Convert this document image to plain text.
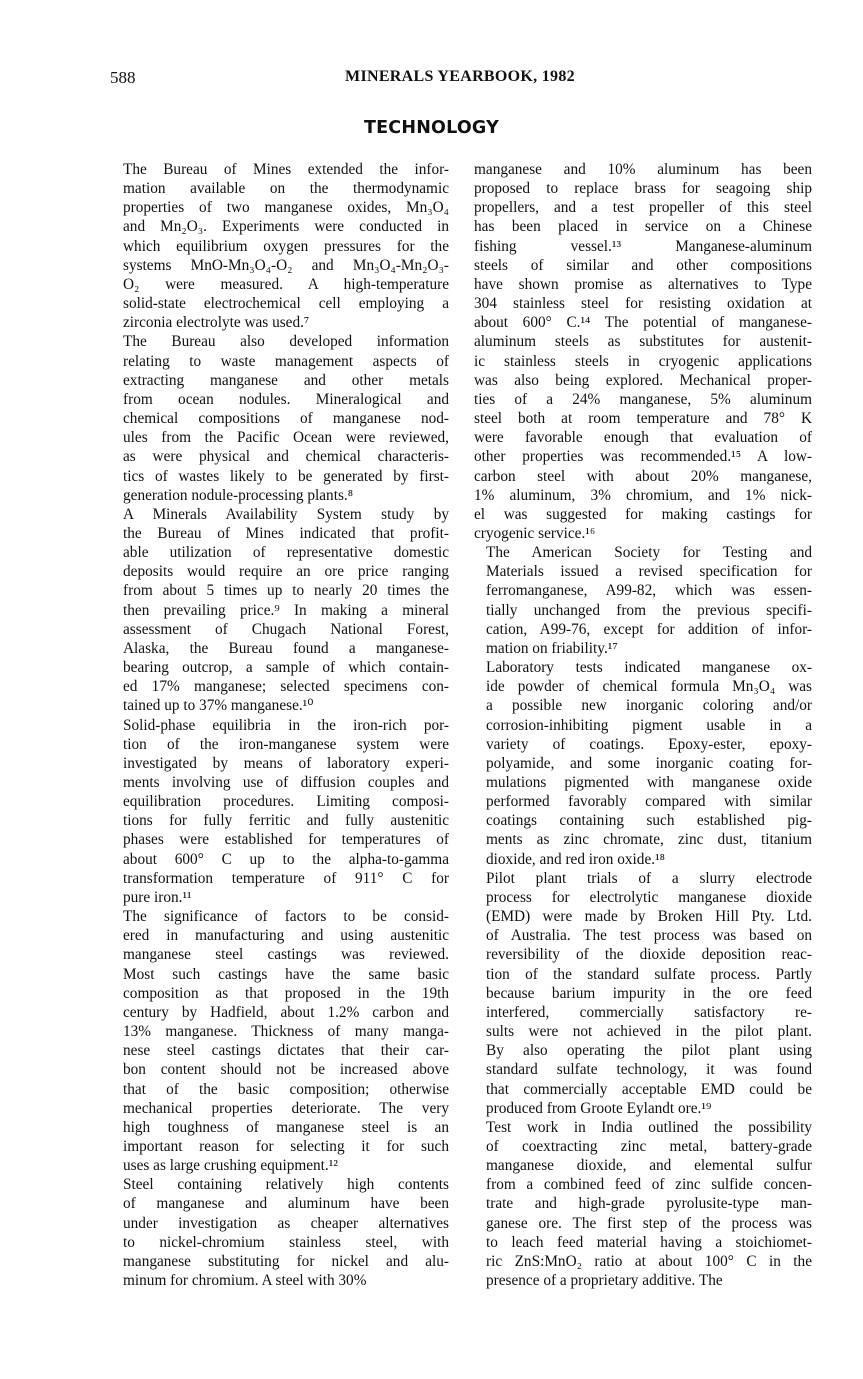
588	MINERALS YEARBOOK, 1982
TECHNOLOGY

The Bureau of Mines extended the infor-
mation available on the thermodynamic
properties of two manganese oxides, Mn₃O₄
and Mn₂O₃. Experiments were conducted in
which equilibrium oxygen pressures for the
systems MnO-Mn₃O₄-O₂ and Mn₃O₄-Mn₂O₃-
O₂ were measured. A high-temperature
solid-state electrochemical cell employing a
zirconia electrolyte was used.⁷

The Bureau also developed information
relating to waste management aspects of
extracting manganese and other metals
from ocean nodules. Mineralogical and
chemical compositions of manganese nod-
ules from the Pacific Ocean were reviewed,
as were physical and chemical characteris-
tics of wastes likely to be generated by first-
generation nodule-processing plants.⁸

A Minerals Availability System study by
the Bureau of Mines indicated that profit-
able utilization of representative domestic
deposits would require an ore price ranging
from about 5 times up to nearly 20 times the
then prevailing price.⁹ In making a mineral
assessment of Chugach National Forest,
Alaska, the Bureau found a manganese-
bearing outcrop, a sample of which contain-
ed 17% manganese; selected specimens con-
tained up to 37% manganese.¹⁰

Solid-phase equilibria in the iron-rich por-
tion of the iron-manganese system were
investigated by means of laboratory experi-
ments involving use of diffusion couples and
equilibration procedures. Limiting composi-
tions for fully ferritic and fully austenitic
phases were established for temperatures of
about 600° C up to the alpha-to-gamma
transformation temperature of 911° C for
pure iron.¹¹

The significance of factors to be consid-
ered in manufacturing and using austenitic
manganese steel castings was reviewed.
Most such castings have the same basic
composition as that proposed in the 19th
century by Hadfield, about 1.2% carbon and
13% manganese. Thickness of many manga-
nese steel castings dictates that their car-
bon content should not be increased above
that of the basic composition; otherwise
mechanical properties deteriorate. The very
high toughness of manganese steel is an
important reason for selecting it for such
uses as large crushing equipment.¹²

Steel containing relatively high contents
of manganese and aluminum have been
under investigation as cheaper alternatives
to nickel-chromium stainless steel, with
manganese substituting for nickel and alu-
minum for chromium. A steel with 30%

manganese and 10% aluminum has been
proposed to replace brass for seagoing ship
propellers, and a test propeller of this steel
has been placed in service on a Chinese
fishing vessel.¹³ Manganese-aluminum
steels of similar and other compositions
have shown promise as alternatives to Type
304 stainless steel for resisting oxidation at
about 600° C.¹⁴ The potential of manganese-
aluminum steels as substitutes for austenit-
ic stainless steels in cryogenic applications
was also being explored. Mechanical proper-
ties of a 24% manganese, 5% aluminum
steel both at room temperature and 78° K
were favorable enough that evaluation of
other properties was recommended.¹⁵ A low-
carbon steel with about 20% manganese,
1% aluminum, 3% chromium, and 1% nick-
el was suggested for making castings for
cryogenic service.¹⁶

The American Society for Testing and
Materials issued a revised specification for
ferromanganese, A99-82, which was essen-
tially unchanged from the previous specifi-
cation, A99-76, except for addition of infor-
mation on friability.¹⁷

Laboratory tests indicated manganese ox-
ide powder of chemical formula Mn₃O₄ was
a possible new inorganic coloring and/or
corrosion-inhibiting pigment usable in a
variety of coatings. Epoxy-ester, epoxy-
polyamide, and some inorganic coating for-
mulations pigmented with manganese oxide
performed favorably compared with similar
coatings containing such established pig-
ments as zinc chromate, zinc dust, titanium
dioxide, and red iron oxide.¹⁸

Pilot plant trials of a slurry electrode
process for electrolytic manganese dioxide
(EMD) were made by Broken Hill Pty. Ltd.
of Australia. The test process was based on
reversibility of the dioxide deposition reac-
tion of the standard sulfate process. Partly
because barium impurity in the ore feed
interfered, commercially satisfactory re-
sults were not achieved in the pilot plant.
By also operating the pilot plant using
standard sulfate technology, it was found
that commercially acceptable EMD could be
produced from Groote Eylandt ore.¹⁹

Test work in India outlined the possibility
of coextracting zinc metal, battery-grade
manganese dioxide, and elemental sulfur
from a combined feed of zinc sulfide concen-
trate and high-grade pyrolusite-type man-
ganese ore. The first step of the process was
to leach feed material having a stoichiomet-
ric ZnS:MnO₂ ratio at about 100° C in the
presence of a proprietary additive. The
